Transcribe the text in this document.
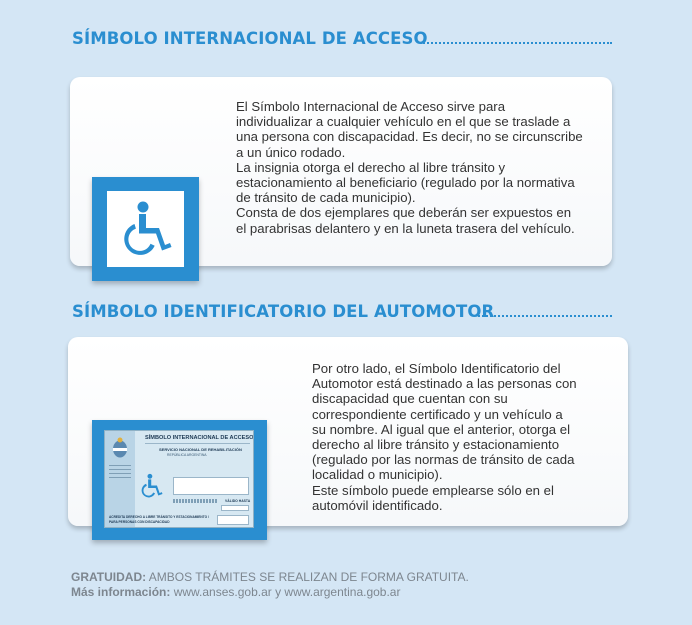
SÍMBOLO INTERNACIONAL DE ACCESO

El Símbolo Internacional de Acceso sirve para

individualizar a cualquier vehículo en el que se traslade a

una persona con discapacidad. Es decir, no se circunscribe

a un único rodado.

La insignia otorga el derecho al libre tránsito y

estacionamiento al beneficiario (regulado por la normativa

de tránsito de cada municipio).

Consta de dos ejemplares que deberán ser expuestos en

el parabrisas delantero y en la luneta trasera del vehículo.

SÍMBOLO IDENTIFICATORIO DEL AUTOMOTOR
SÍMBOLO INTERNACIONAL DE ACCESO
SERVICIO NACIONAL DE REHABILITACIÓN
REPÚBLICA ARGENTINA
VÁLIDO HASTA
ACREDITA DERECHO A LIBRE TRÁNSITO Y ESTACIONAMIENTO / PARA PERSONAS CON DISCAPACIDAD

Por otro lado, el Símbolo Identificatorio del

Automotor está destinado a las personas con

discapacidad que cuentan con su

correspondiente certificado y un vehículo a

su nombre. Al igual que el anterior, otorga el

derecho al libre tránsito y estacionamiento

(regulado por las normas de tránsito de cada

localidad o municipio).

Este símbolo puede emplearse sólo en el

automóvil identificado.

GRATUIDAD: AMBOS TRÁMITES SE REALIZAN DE FORMA GRATUITA.
Más información: www.anses.gob.ar y www.argentina.gob.ar
